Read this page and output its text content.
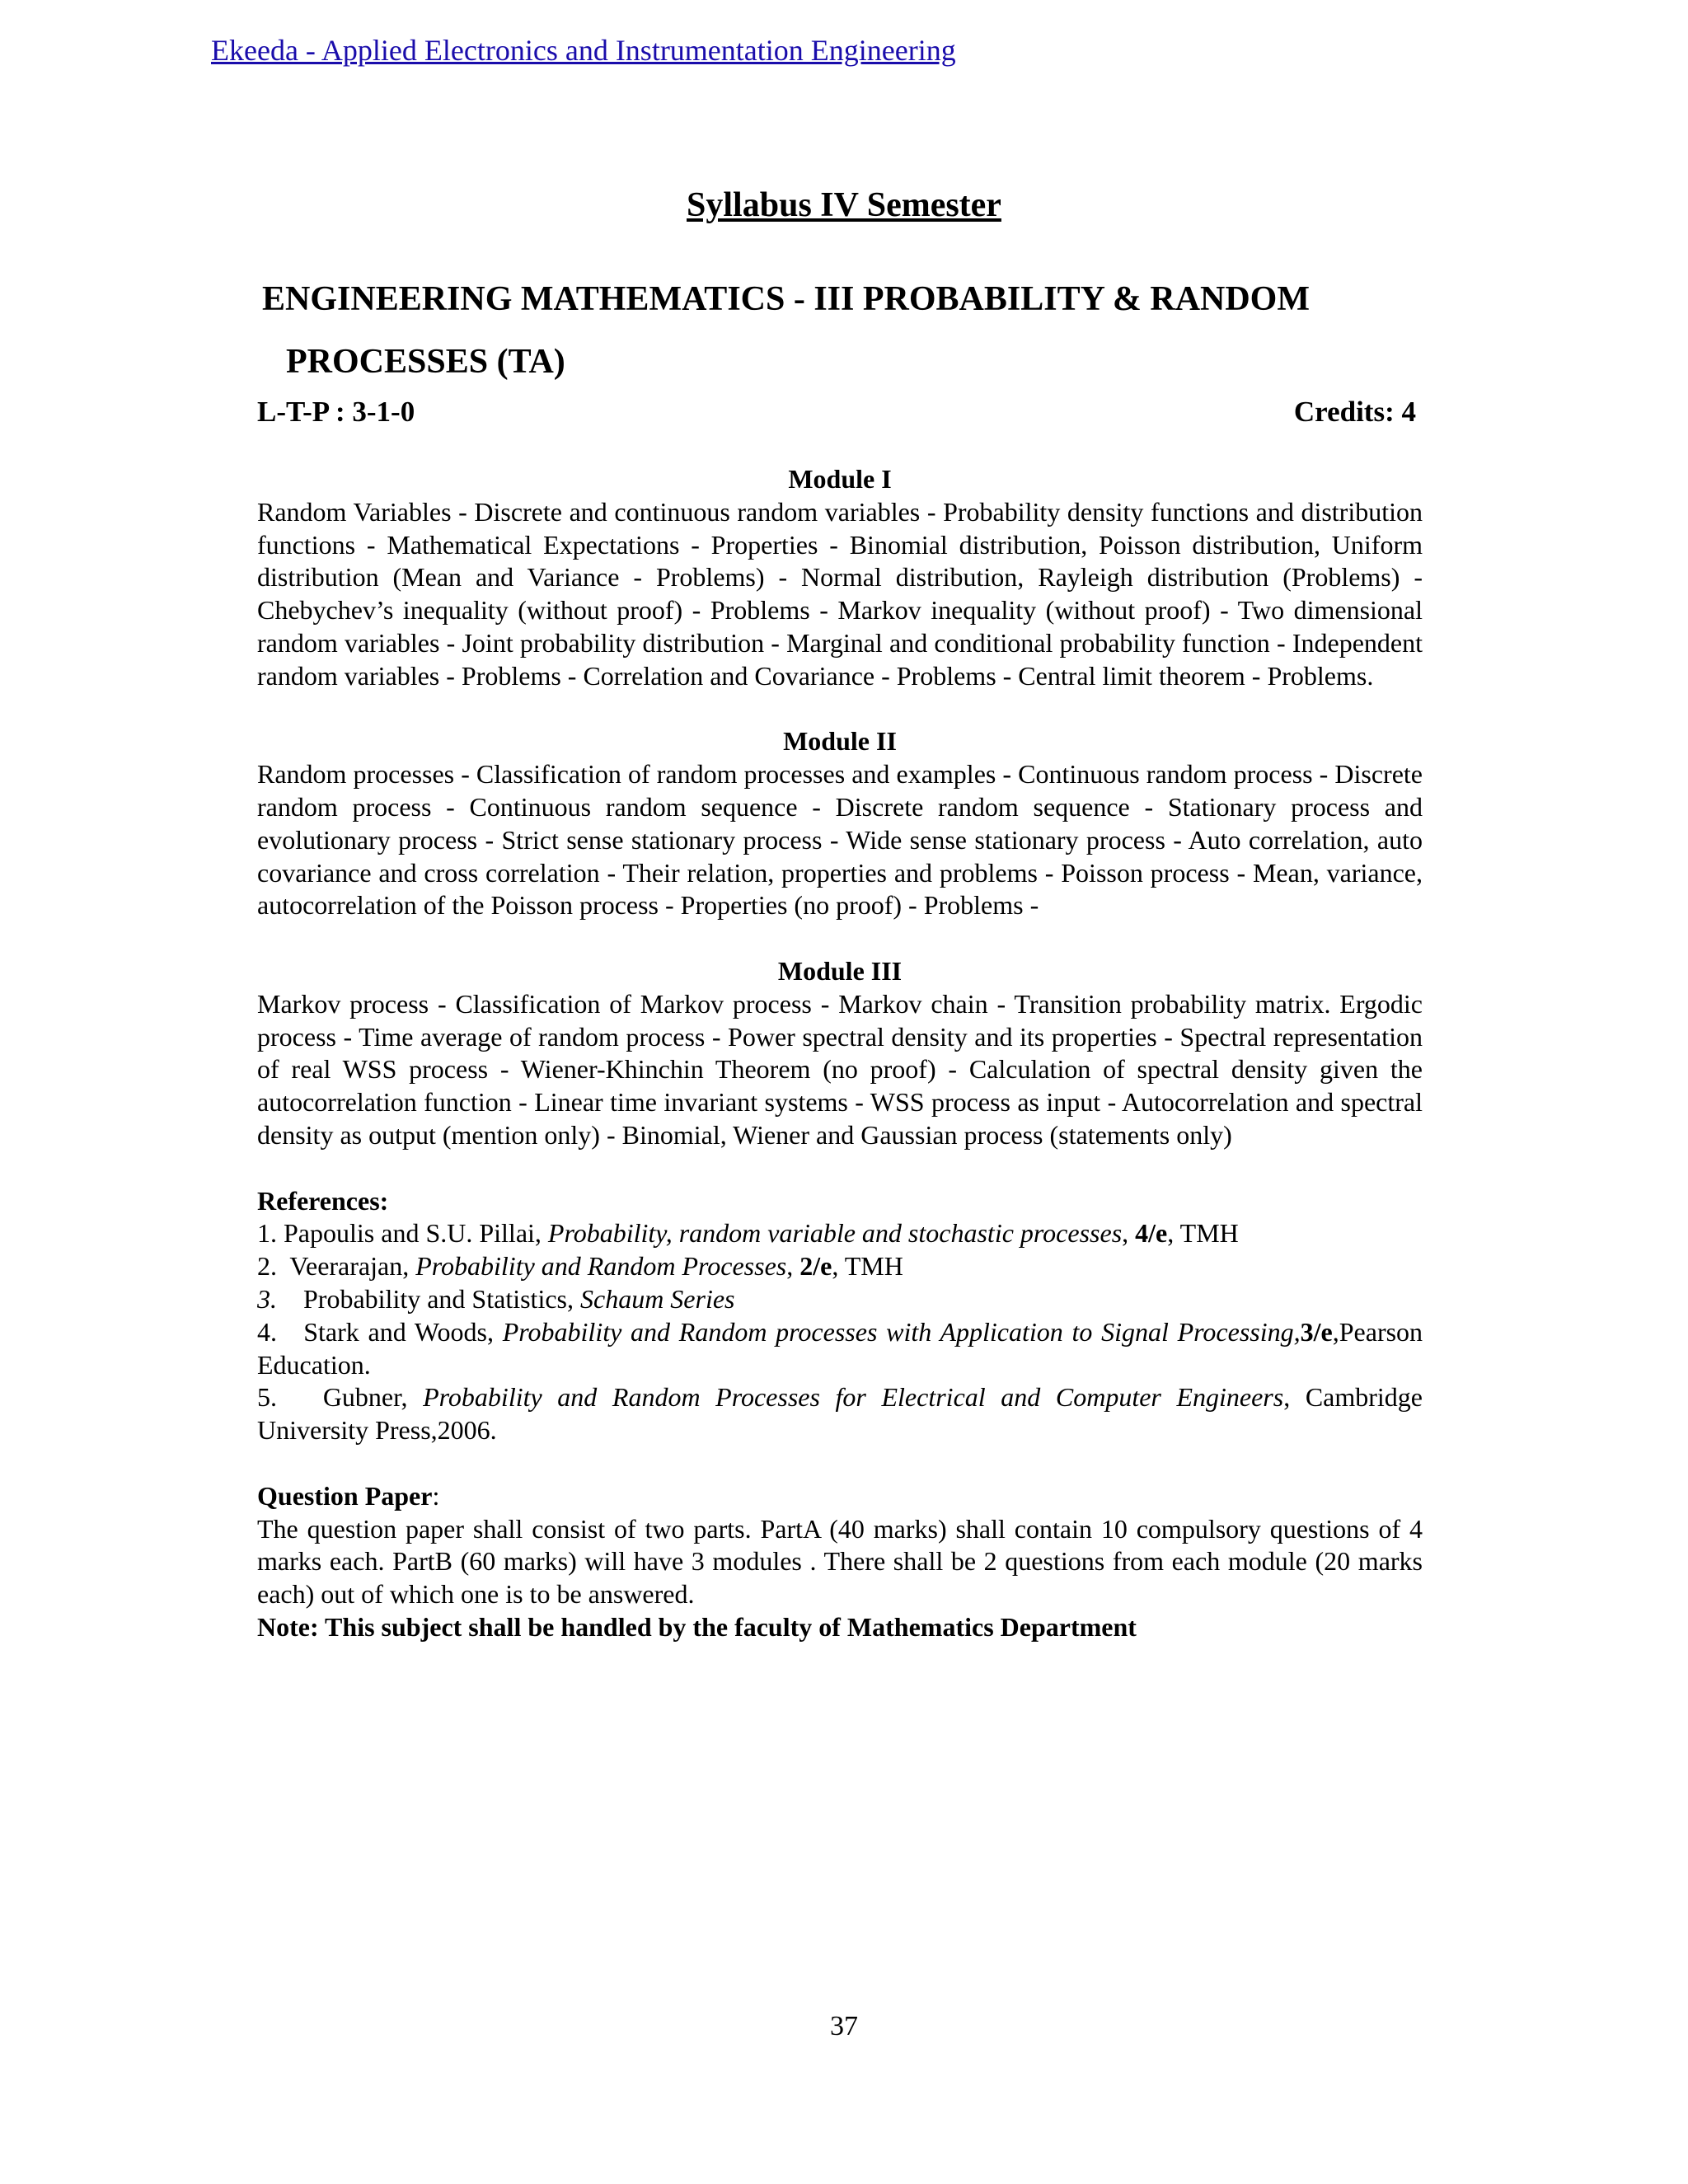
Ekeeda - Applied Electronics and Instrumentation Engineering
Syllabus IV Semester
ENGINEERING MATHEMATICS - III PROBABILITY & RANDOM
PROCESSES (TA)
L-T-P : 3-1-0	Credits: 4

Module I

Random Variables - Discrete and continuous random variables - Probability density functions and distribution functions - Mathematical Expectations - Properties - Binomial distribution, Poisson distribution, Uniform distribution (Mean and Variance - Problems) - Normal distribution, Rayleigh distribution (Problems) - Chebychev’s inequality (without proof) - Problems - Markov inequality (without proof) - Two dimensional random variables - Joint probability distribution - Marginal and conditional probability function - Independent random variables - Problems - Correlation and Covariance - Problems - Central limit theorem - Problems.

Module II

Random processes - Classification of random processes and examples - Continuous random process - Discrete random process - Continuous random sequence - Discrete random sequence - Stationary process and evolutionary process - Strict sense stationary process - Wide sense stationary process - Auto correlation, auto covariance and cross correlation - Their relation, properties and problems - Poisson process - Mean, variance, autocorrelation of the Poisson process - Properties (no proof) - Problems -

Module III

Markov process - Classification of Markov process - Markov chain - Transition probability matrix. Ergodic process - Time average of random process - Power spectral density and its properties - Spectral representation of real WSS process - Wiener-Khinchin Theorem (no proof) - Calculation of spectral density given the autocorrelation function - Linear time invariant systems - WSS process as input - Autocorrelation and spectral density as output (mention only) - Binomial, Wiener and Gaussian process (statements only)

References:

1. Papoulis and S.U. Pillai, Probability, random variable and stochastic processes, 4/e, TMH

2. Veerarajan, Probability and Random Processes, 2/e, TMH

3. Probability and Statistics, Schaum Series

4. Stark and Woods, Probability and Random processes with Application to Signal Processing,3/e,Pearson Education.

5. Gubner, Probability and Random Processes for Electrical and Computer Engineers, Cambridge University Press,2006.

Question Paper:

The question paper shall consist of two parts. PartA (40 marks) shall contain 10 compulsory questions of 4 marks each. PartB (60 marks) will have 3 modules . There shall be 2 questions from each module (20 marks each) out of which one is to be answered.

Note: This subject shall be handled by the faculty of Mathematics Department

37
